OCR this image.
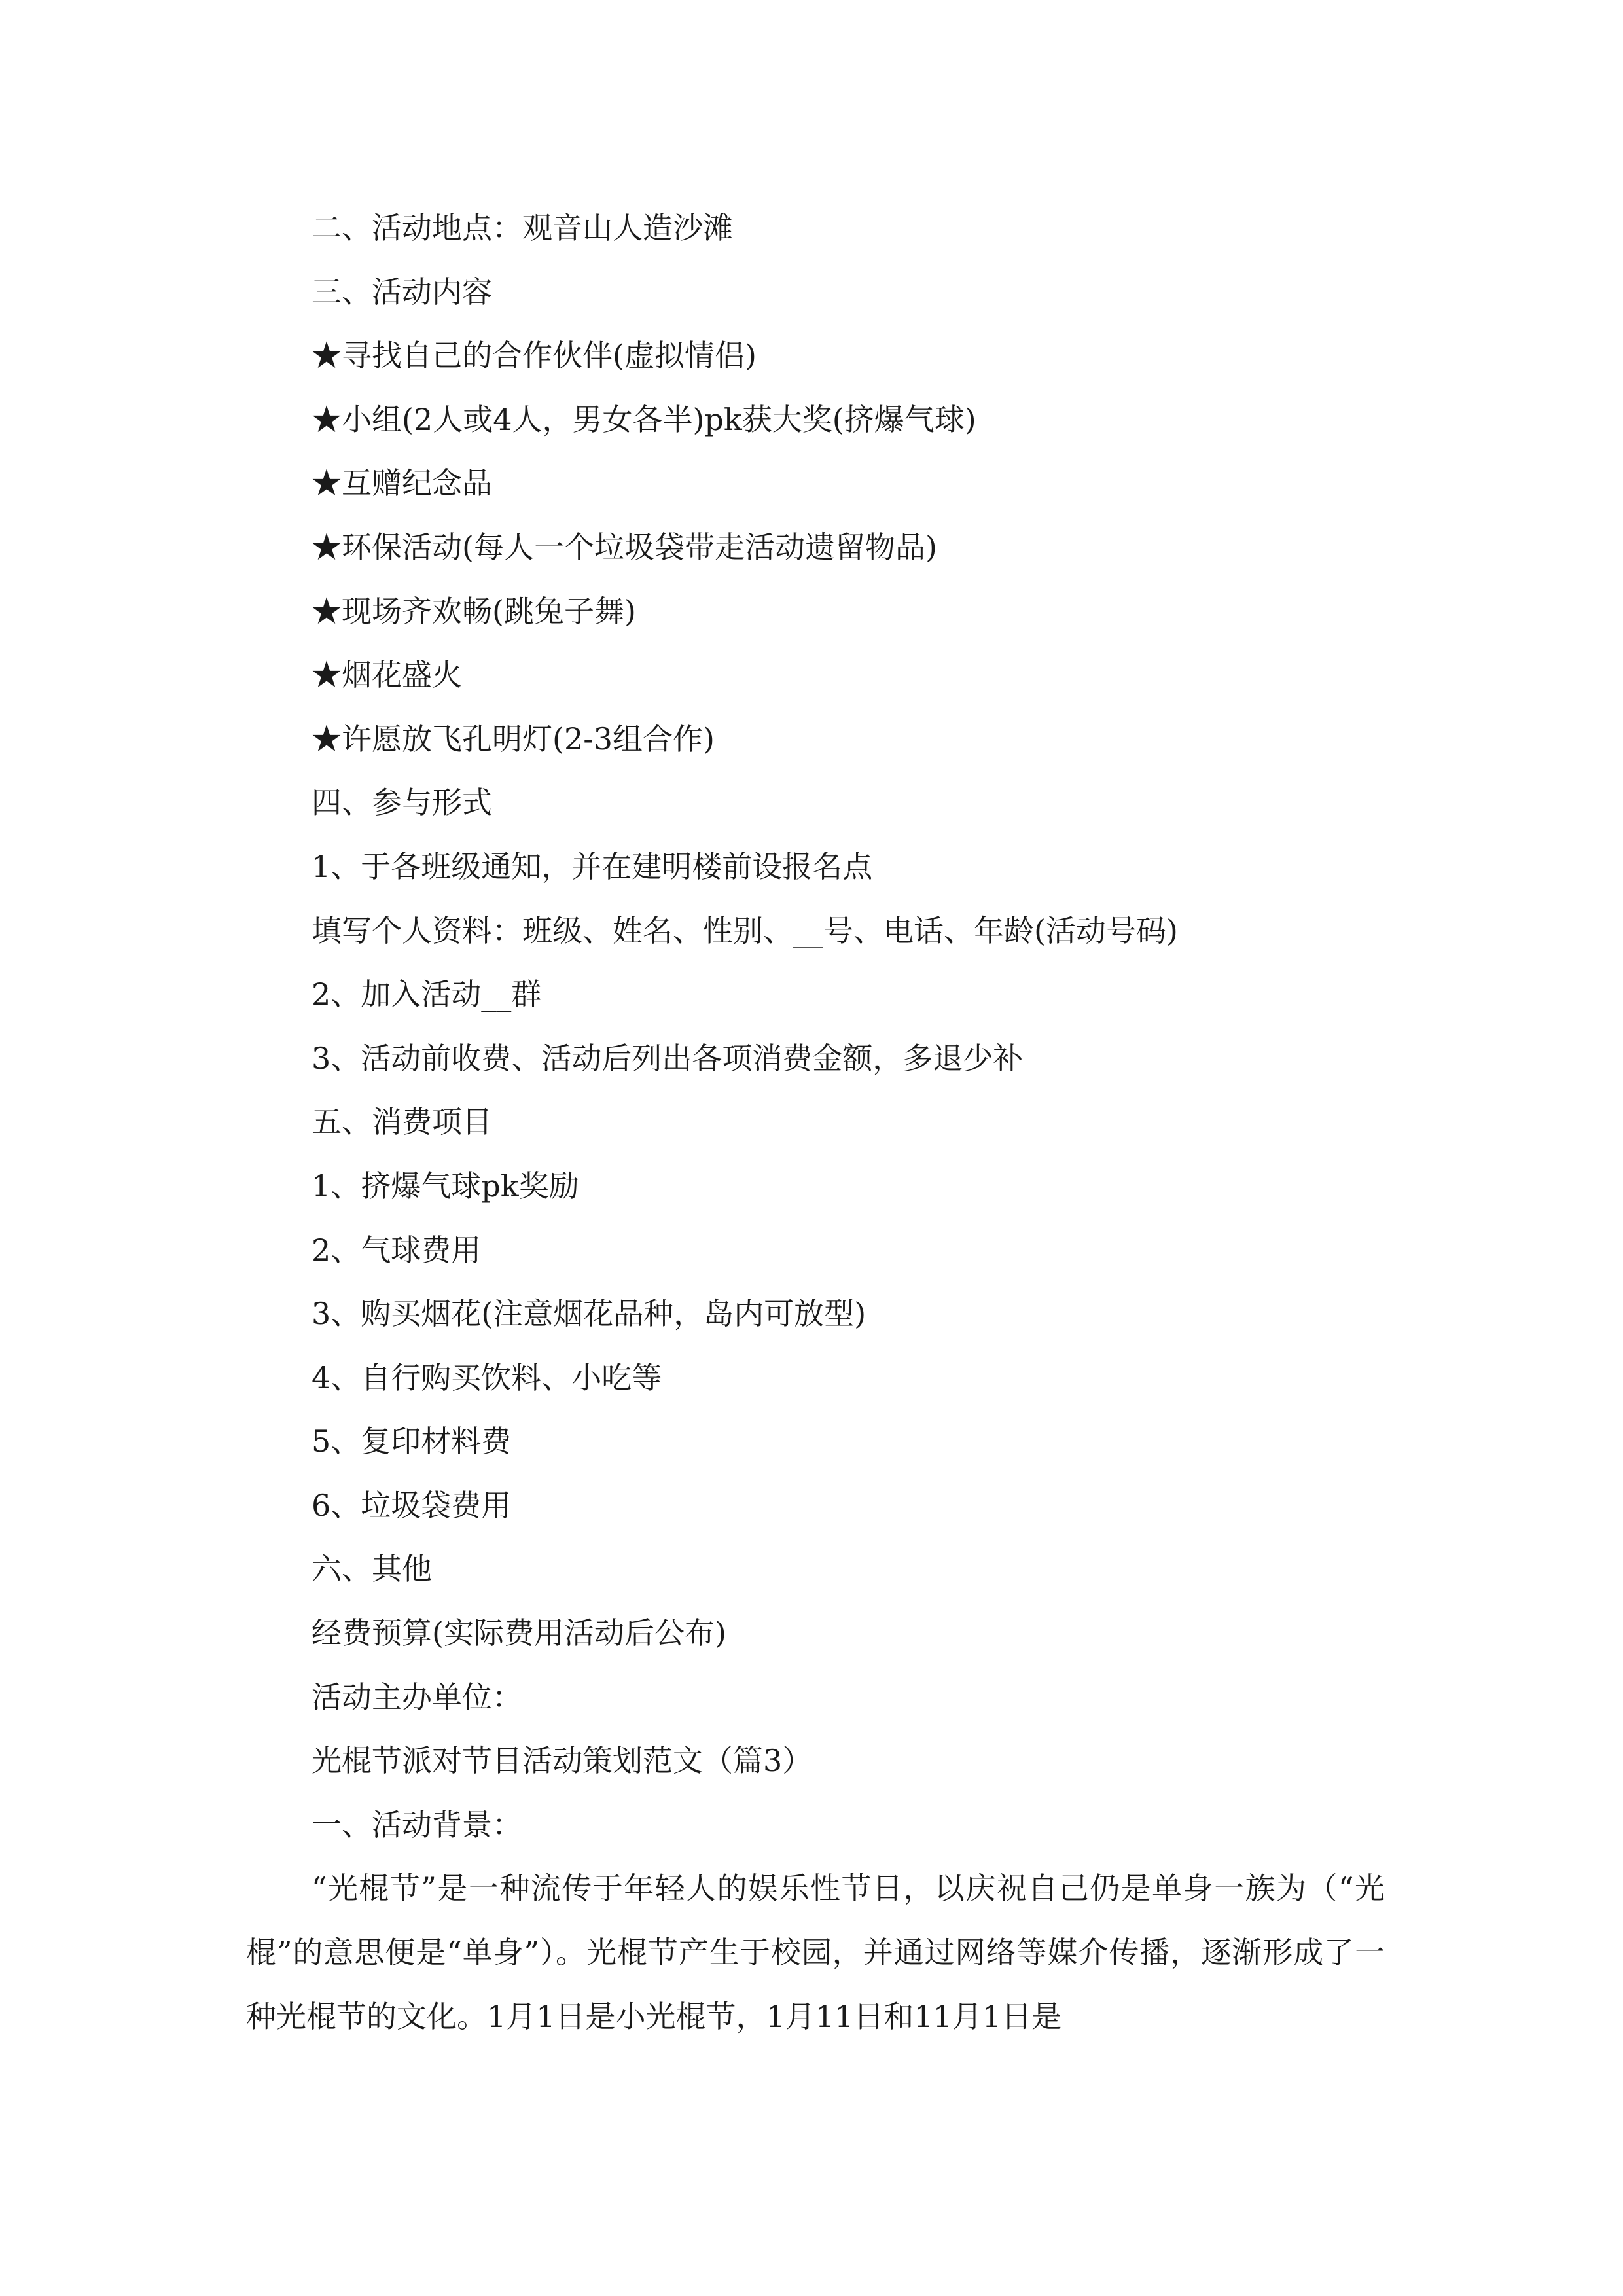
二、活动地点：观音山人造沙滩
三、活动内容
★寻找自己的合作伙伴(虚拟情侣)
★小组(2人或4人，男女各半)pk获大奖(挤爆气球)
★互赠纪念品
★环保活动(每人一个垃圾袋带走活动遗留物品)
★现场齐欢畅(跳兔子舞)
★烟花盛火
★许愿放飞孔明灯(2-3组合作)
四、参与形式
1、于各班级通知，并在建明楼前设报名点
填写个人资料：班级、姓名、性别、__号、电话、年龄(活动号码)
2、加入活动__群
3、活动前收费、活动后列出各项消费金额，多退少补
五、消费项目
1、挤爆气球pk奖励
2、气球费用
3、购买烟花(注意烟花品种，岛内可放型)
4、自行购买饮料、小吃等
5、复印材料费
6、垃圾袋费用
六、其他
经费预算(实际费用活动后公布)
活动主办单位：
光棍节派对节目活动策划范文（篇3）
一、活动背景：
“光棍节”是一种流传于年轻人的娱乐性节日，以庆祝自己仍是单身一族为（“光棍”的意思便是“单身”）。光棍节产生于校园，并通过网络等媒介传播，逐渐形成了一种光棍节的文化。1月1日是小光棍节，1月11日和11月1日是
